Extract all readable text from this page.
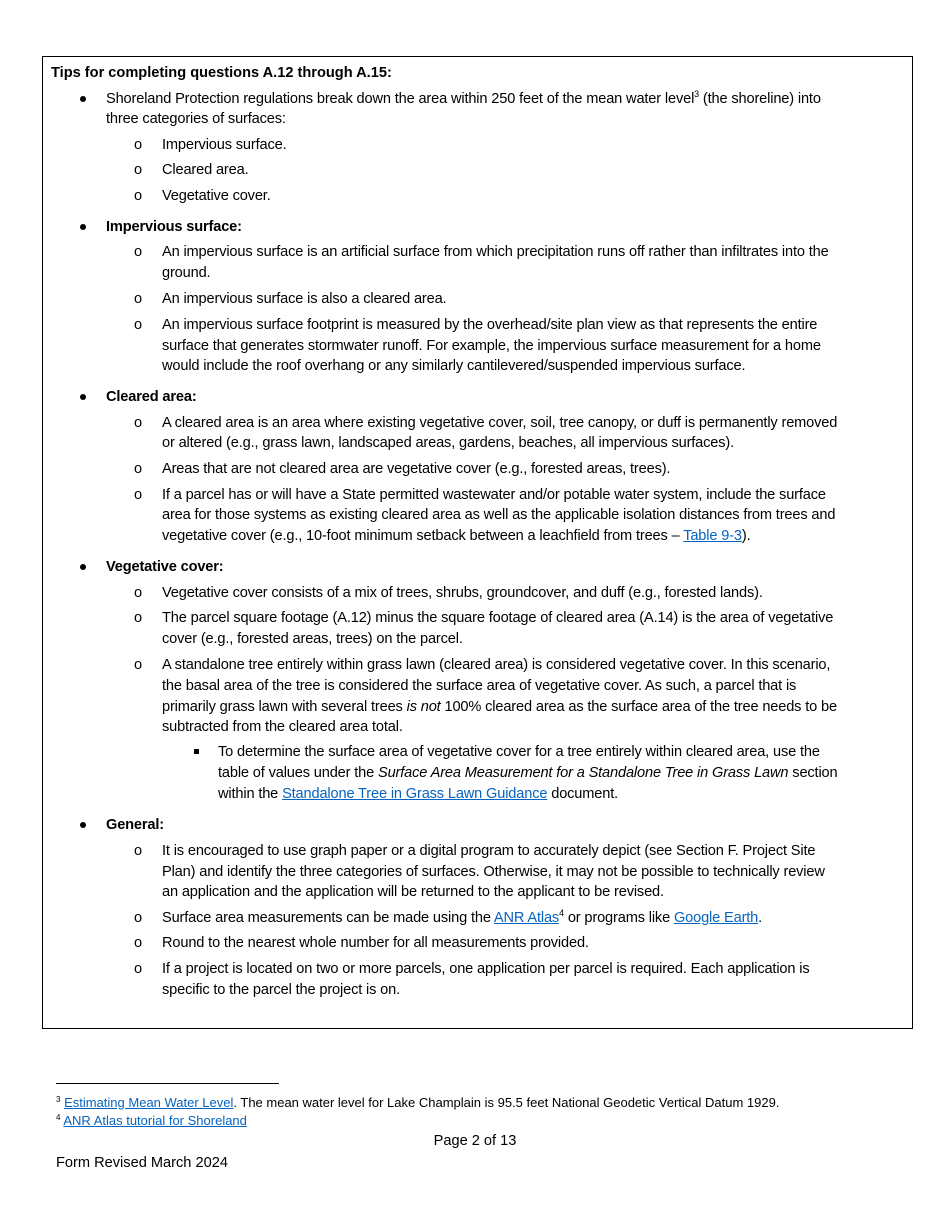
Tips for completing questions A.12 through A.15:
Shoreland Protection regulations break down the area within 250 feet of the mean water level$^3$ (the shoreline) into
three categories of surfaces:
o Impervious surface.
o Cleared area.
o Vegetative cover.
Impervious surface:
o An impervious surface is an artificial surface from which precipitation runs off rather than infiltrates into the
ground.
o An impervious surface is also a cleared area.
o An impervious surface footprint is measured by the overhead/site plan view as that represents the entire
surface that generates stormwater runoff. For example, the impervious surface measurement for a home
would include the roof overhang or any similarly cantilevered/suspended impervious surface.
Cleared area:
o A cleared area is an area where existing vegetative cover, soil, tree canopy, or duff is permanently removed
or altered (e.g., grass lawn, landscaped areas, gardens, beaches, all impervious surfaces).
o Areas that are not cleared area are vegetative cover (e.g., forested areas, trees).
o If a parcel has or will have a State permitted wastewater and/or potable water system, include the surface
area for those systems as existing cleared area as well as the applicable isolation distances from trees and
vegetative cover (e.g., 10-foot minimum setback between a leachfield from trees – Table 9-3).
Vegetative cover:
o Vegetative cover consists of a mix of trees, shrubs, groundcover, and duff (e.g., forested lands).
o The parcel square footage (A.12) minus the square footage of cleared area (A.14) is the area of vegetative
cover (e.g., forested areas, trees) on the parcel.
o A standalone tree entirely within grass lawn (cleared area) is considered vegetative cover. In this scenario,
the basal area of the tree is considered the surface area of vegetative cover. As such, a parcel that is
primarily grass lawn with several trees is not 100% cleared area as the surface area of the tree needs to be
subtracted from the cleared area total.
To determine the surface area of vegetative cover for a tree entirely within cleared area, use the
table of values under the Surface Area Measurement for a Standalone Tree in Grass Lawn section
within the Standalone Tree in Grass Lawn Guidance document.
General:
o It is encouraged to use graph paper or a digital program to accurately depict (see Section F. Project Site
Plan) and identify the three categories of surfaces. Otherwise, it may not be possible to technically review
an application and the application will be returned to the applicant to be revised.
o Surface area measurements can be made using the ANR Atlas$^4$ or programs like Google Earth.
o Round to the nearest whole number for all measurements provided.
o If a project is located on two or more parcels, one application per parcel is required. Each application is
specific to the parcel the project is on.
$^3$ Estimating Mean Water Level. The mean water level for Lake Champlain is 95.5 feet National Geodetic Vertical Datum 1929.
$^4$ ANR Atlas tutorial for Shoreland
Page 2 of 13
Form Revised March 2024
